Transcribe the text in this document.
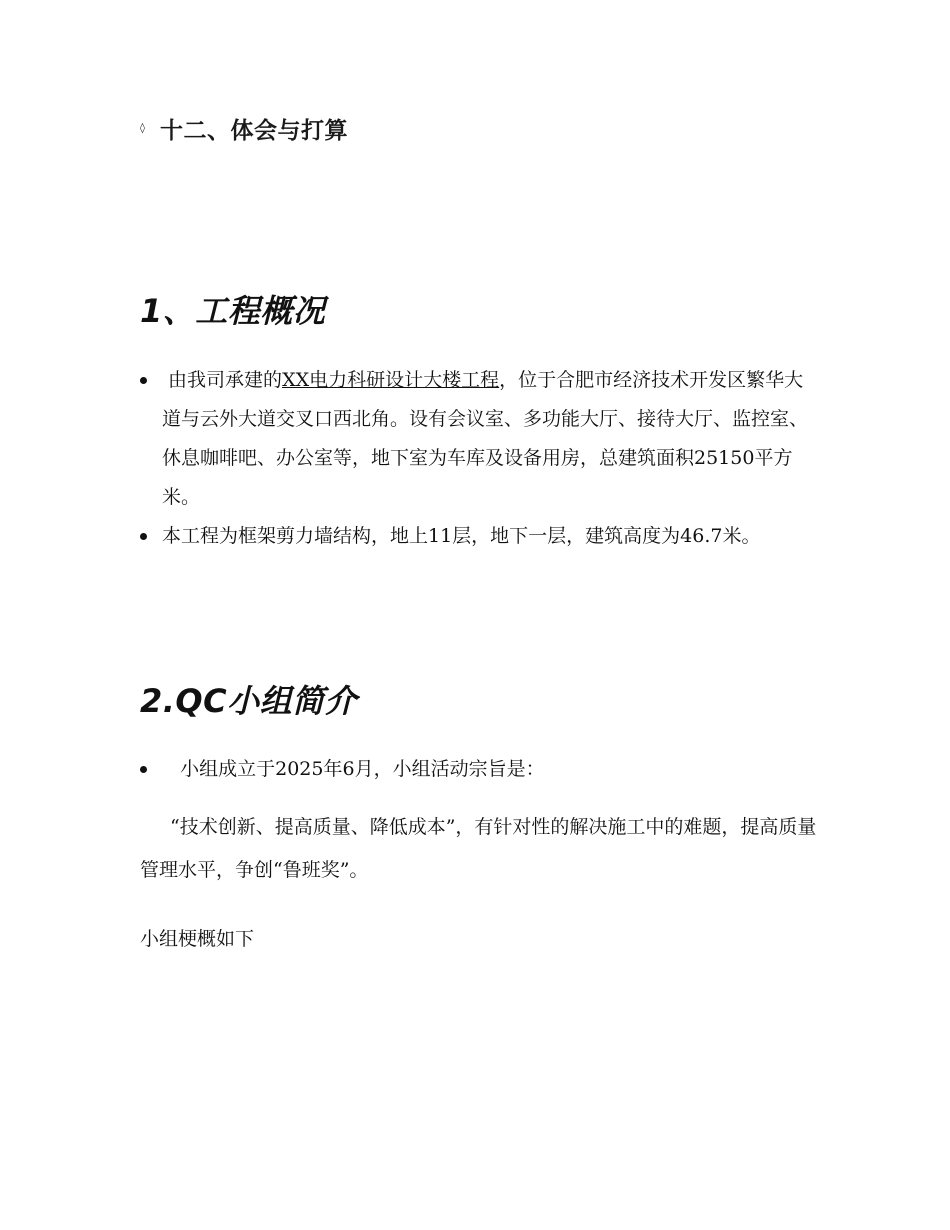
◊ 十二、体会与打算
1、工程概况
由我司承建的XX电力科研设计大楼工程，位于合肥市经济技术开发区繁华大道与云外大道交叉口西北角。设有会议室、多功能大厅、接待大厅、监控室、休息咖啡吧、办公室等，地下室为车库及设备用房，总建筑面积25150平方米。
本工程为框架剪力墙结构，地上11层，地下一层，建筑高度为46.7米。
2.QC小组简介
小组成立于2025年6月，小组活动宗旨是：

“技术创新、提高质量、降低成本”，有针对性的解决施工中的难题，提高质量管理水平，争创“鲁班奖”。

小组梗概如下
